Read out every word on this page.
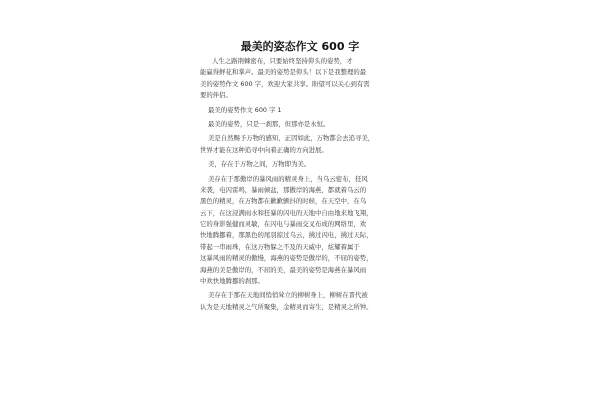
最美的姿态作文 600 字
人生之路荆棘密布，只要始终坚持仰头的姿势，才
能赢得鲜花和掌声。最美的姿势是仰头！以下是我整理的最
美的姿势作文 600 字，欢迎大家共享。盼望可以关心到有需
要的伴侣。
最美的姿势作文 600 字 1
最美的姿势，只是一刹那，但那亦是永恒。
美是自然赐予万物的感知，正因如此，万物都会去追寻美，
世界才能在这种追寻中向着正确的方向进展。
美，存在于万物之间，万物即为美。
美存在于那傲岸的暴风雨的精灵身上，当乌云密布，狂风
来袭，电闪雷鸣，暴雨倾盆，那傲岸的海燕，都就着乌云的
黑色的精灵，在万物都在歉歉颤抖的时候，在天空中，在乌
云下，在这浸满雨水和狂暴的闪电的天地中自由地来地飞翔，
它的身影强健而灵敏，在闪电与暴雨交叉布成的网络里，欢
快地腾挪着，那黑色的尾羽掠过乌云，拂过闪电，拂过天际，
带起一串雨珠，在这万物躲之不及的天威中，炫耀着属于
这暴风雨的精灵的傲慢，海燕的姿势是傲岸的，不屈的姿势，
海燕的美是傲岸的，不屈的美，最美的姿势是海燕在暴风雨
中欢快地腾挪的刹那。
美存在于那在天地间悄悄耸立的柳树身上，柳树在晋代被
认为是天地精灵之气所聚集，金精灵而寄生，是精灵之所钟。
